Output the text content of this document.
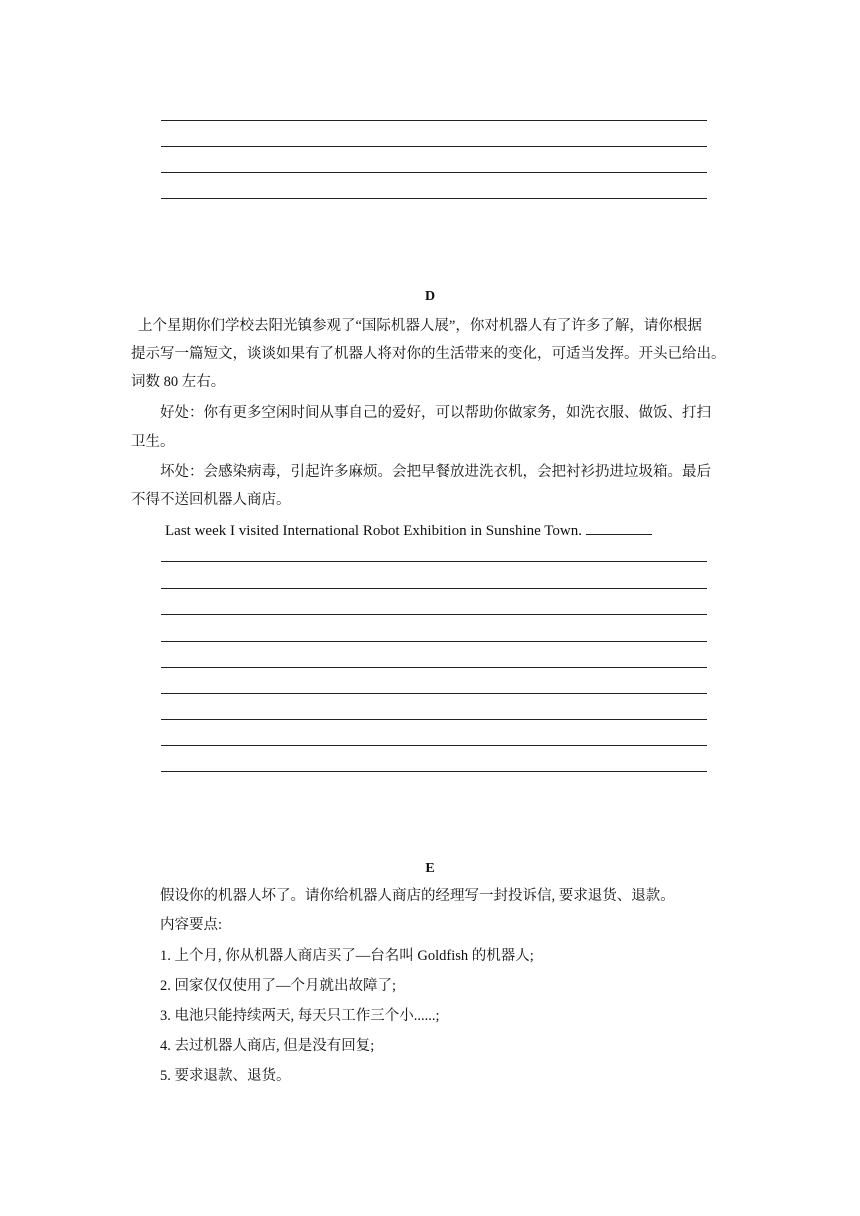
D
上个星期你们学校去阳光镇参观了“国际机器人展”，你对机器人有了许多了解，请你根据
提示写一篇短文，谈谈如果有了机器人将对你的生活带来的变化，可适当发挥。开头已给出。
词数 80 左右。
好处：你有更多空闲时间从事自己的爱好，可以帮助你做家务，如洗衣服、做饭、打扫
卫生。
坏处：会感染病毒，引起许多麻烦。会把早餐放进洗衣机，会把衬衫扔进垃圾箱。最后
不得不送回机器人商店。
Last week I visited International Robot Exhibition in Sunshine Town.
E
假设你的机器人坏了。请你给机器人商店的经理写一封投诉信, 要求退货、退款。
内容要点:
1. 上个月, 你从机器人商店买了—台名叫 Goldfish 的机器人;
2. 回家仅仅使用了—个月就出故障了;
3. 电池只能持续两天, 每天只工作三个小......;
4. 去过机器人商店, 但是没有回复;
5. 要求退款、退货。
